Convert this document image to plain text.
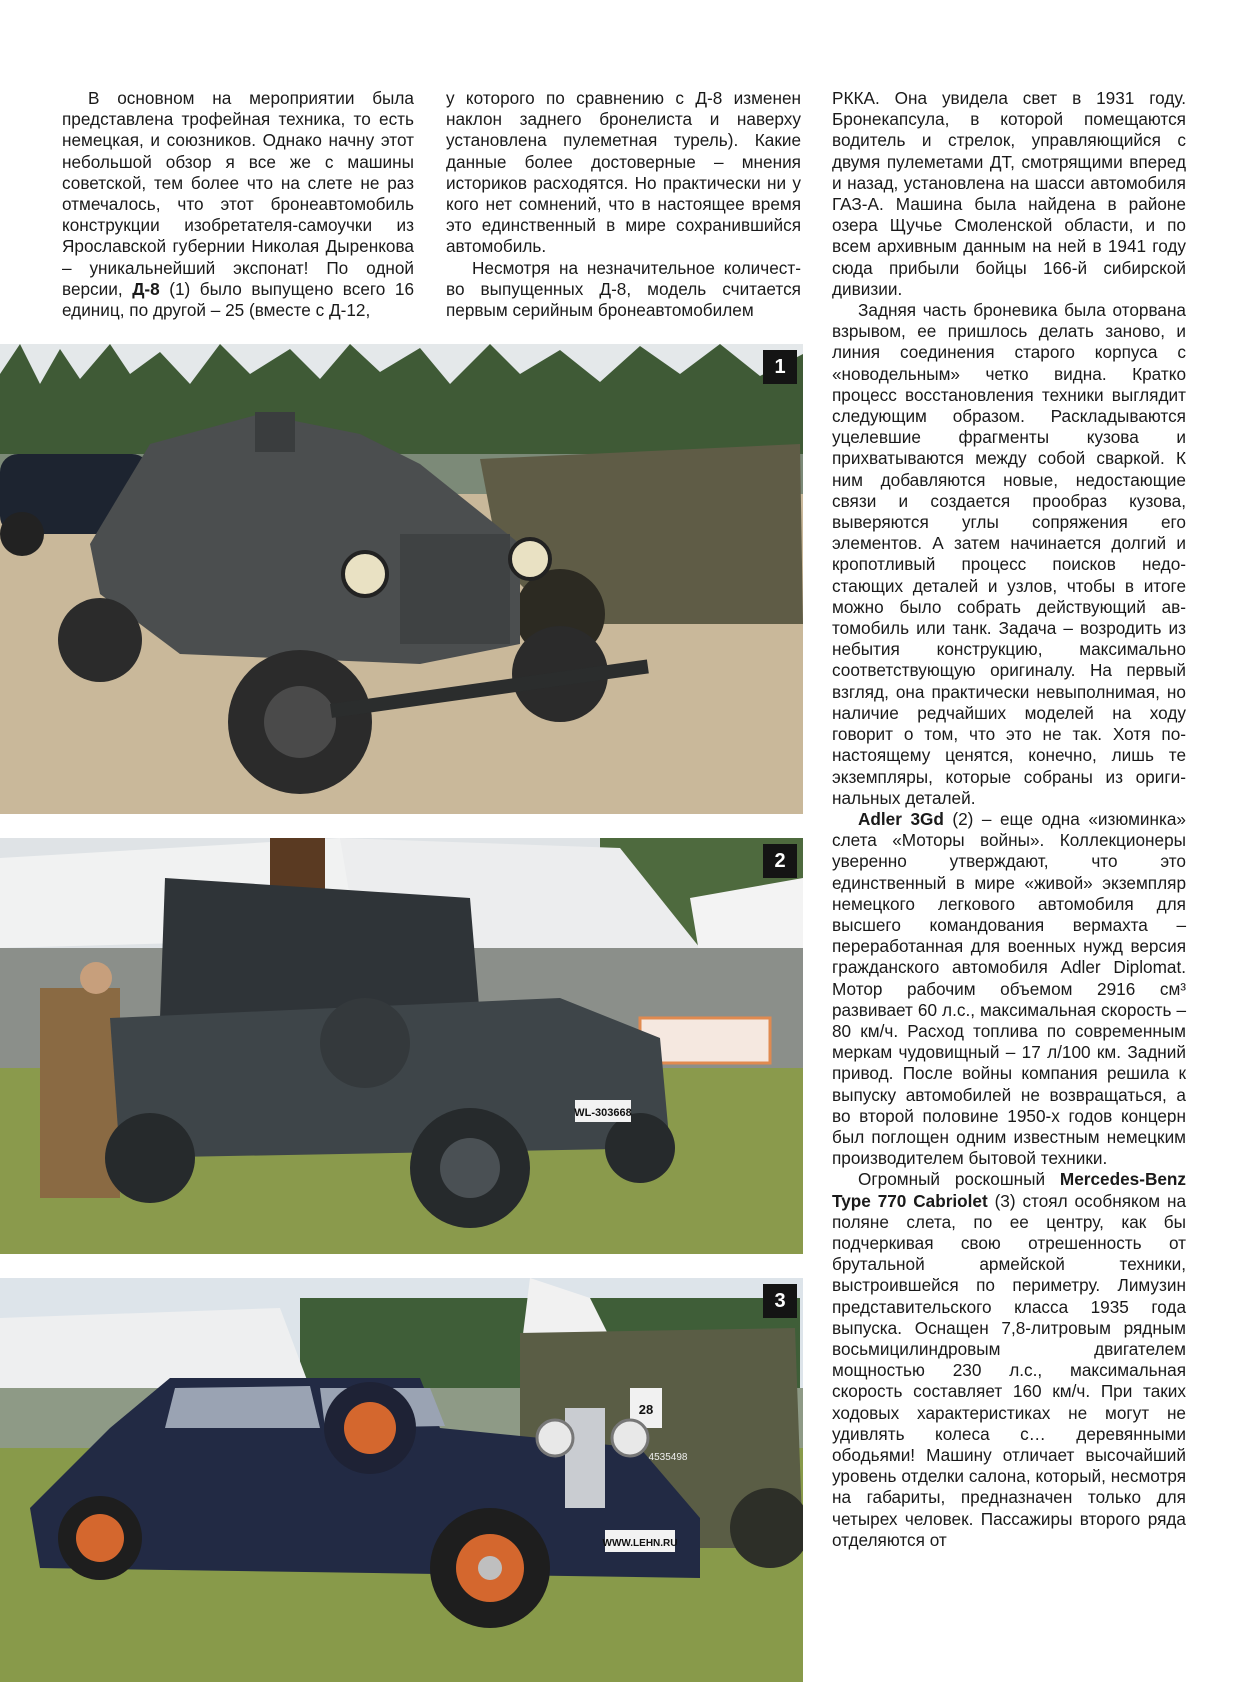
В основном на мероприятии была представлена трофейная техника, то есть немецкая, и союзников. Однако начну этот небольшой обзор я все же с машины советской, тем более что на слете не раз отмечалось, что этот бронеавтомобиль конструкции изобретателя-самоучки из Ярославской губернии Николая Дыренкова – уникальнейший экспонат! По одной версии, Д-8 (1) было выпущено всего 16 единиц, по другой – 25 (вместе с Д-12,

у которого по сравнению с Д-8 изменен наклон заднего бронелиста и наверху установлена пулеметная турель). Какие данные более достоверные – мнения историков расходятся. Но практически ни у кого нет сомнений, что в настоящее время это единственный в мире сохранившийся автомобиль.

Несмотря на незначительное количество выпущенных Д-8, модель считается первым серийным бронеавтомобилем

РККА. Она увидела свет в 1931 году. Бронекапсула, в которой помещаются водитель и стрелок, управляющийся с двумя пулеметами ДТ, смотрящими вперед и назад, установлена на шасси автомобиля ГАЗ-А. Машина была найдена в районе озера Щучье Смоленской области, и по всем архивным данным на ней в 1941 году сюда прибыли бойцы 166-й сибирской дивизии.

Задняя часть броневика была оторвана взрывом, ее пришлось делать заново, и линия соединения старого корпуса с «новодельным» четко видна. Кратко процесс восстановления техники выглядит следующим образом. Раскладываются уцелевшие фрагменты кузова и прихватываются между собой сваркой. К ним добавляются новые, недостающие связи и создается прообраз кузова, выверяются углы сопряжения его элементов. А затем начинается долгий и кропотливый процесс поисков недостающих деталей и узлов, чтобы в итоге можно было собрать действующий автомобиль или танк. Задача – возродить из небытия конструкцию, максимально соответствующую оригиналу. На первый взгляд, она практически невыполнимая, но наличие редчайших моделей на ходу говорит о том, что это не так. Хотя понастоящему ценятся, конечно, лишь те экземпляры, которые собраны из оригинальных деталей.

Adler 3Gd (2) – еще одна «изюминка» слета «Моторы войны». Коллекционеры уверенно утверждают, что это единственный в мире «живой» экземпляр немецкого легкового автомобиля для высшего командования вермахта – переработанная для военных нужд версия гражданского автомобиля Adler Diplomat. Мотор рабочим объемом 2916 см³ развивает 60 л.с., максимальная скорость – 80 км/ч. Расход топлива по современным меркам чудовищный – 17 л/100 км. Задний привод. После войны компания решила к выпуску автомобилей не возвращаться, а во второй половине 1950-х годов концерн был поглощен одним известным немецким производителем бытовой техники.

Огромный роскошный Mercedes-Benz Type 770 Cabriolet (3) стоял особняком на поляне слета, по ее центру, как бы подчеркивая свою отрешенность от брутальной армейской техники, выстроившейся по периметру. Лимузин представительского класса 1935 года выпуска. Оснащен 7,8-литровым рядным восьмицилиндровым двигателем мощностью 230 л.с., максимальная скорость составляет 160 км/ч. При таких ходовых характеристиках не могут не удивлять колеса с… деревянными ободьями! Машину отличает высочайший уровень отделки салона, который, несмотря на габариты, предназначен только для четырех человек. Пассажиры второго ряда отделяются от

1
WL-303668
2
28
4535498
WWW.LEHN.RU
3
